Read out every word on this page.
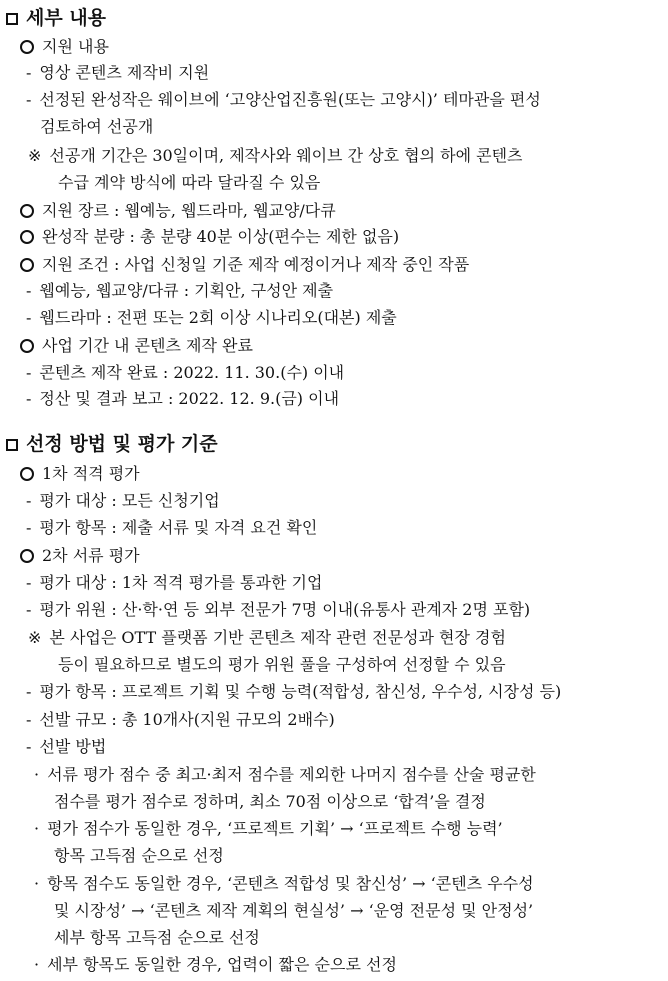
세부 내용
지원 내용
- 영상 콘텐츠 제작비 지원
- 선정된 완성작은 웨이브에 ‘고양산업진흥원(또는 고양시)’ 테마관을 편성
검토하여 선공개
※ 선공개 기간은 30일이며, 제작사와 웨이브 간 상호 협의 하에 콘텐츠
수급 계약 방식에 따라 달라질 수 있음
지원 장르 : 웹예능, 웹드라마, 웹교양/다큐
완성작 분량 : 총 분량 40분 이상(편수는 제한 없음)
지원 조건 : 사업 신청일 기준 제작 예정이거나 제작 중인 작품
- 웹예능, 웹교양/다큐 : 기획안, 구성안 제출
- 웹드라마 : 전편 또는 2회 이상 시나리오(대본) 제출
사업 기간 내 콘텐츠 제작 완료
- 콘텐츠 제작 완료 : 2022. 11. 30.(수) 이내
- 정산 및 결과 보고 : 2022. 12. 9.(금) 이내
선정 방법 및 평가 기준
1차 적격 평가
- 평가 대상 : 모든 신청기업
- 평가 항목 : 제출 서류 및 자격 요건 확인
2차 서류 평가
- 평가 대상 : 1차 적격 평가를 통과한 기업
- 평가 위원 : 산·학·연 등 외부 전문가 7명 이내(유통사 관계자 2명 포함)
※ 본 사업은 OTT 플랫폼 기반 콘텐츠 제작 관련 전문성과 현장 경험
등이 필요하므로 별도의 평가 위원 풀을 구성하여 선정할 수 있음
- 평가 항목 : 프로젝트 기획 및 수행 능력(적합성, 참신성, 우수성, 시장성 등)
- 선발 규모 : 총 10개사(지원 규모의 2배수)
- 선발 방법
· 서류 평가 점수 중 최고·최저 점수를 제외한 나머지 점수를 산술 평균한
점수를 평가 점수로 정하며, 최소 70점 이상으로 ‘합격’을 결정
· 평가 점수가 동일한 경우, ‘프로젝트 기획’ → ‘프로젝트 수행 능력’
항목 고득점 순으로 선정
· 항목 점수도 동일한 경우, ‘콘텐츠 적합성 및 참신성’ → ‘콘텐츠 우수성
및 시장성’ → ‘콘텐츠 제작 계획의 현실성’ → ‘운영 전문성 및 안정성’
세부 항목 고득점 순으로 선정
· 세부 항목도 동일한 경우, 업력이 짧은 순으로 선정
